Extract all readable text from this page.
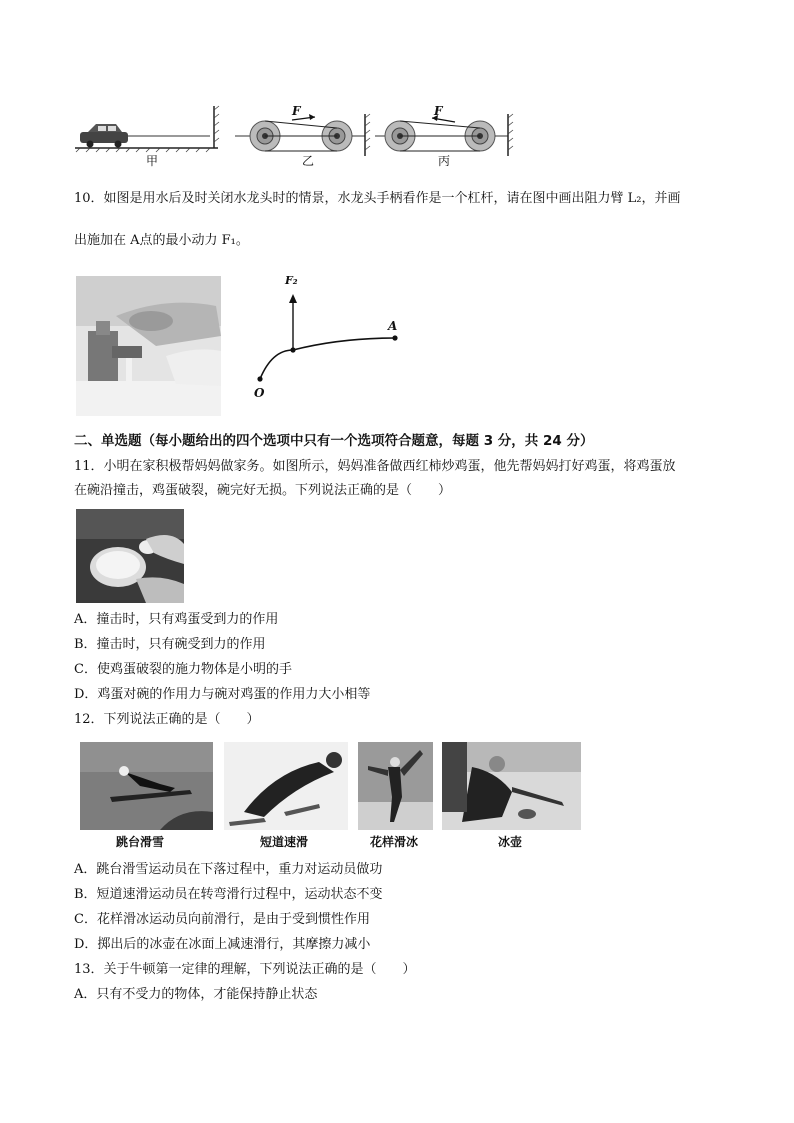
F	F
甲	乙	丙
10．如图是用水后及时关闭水龙头时的情景，水龙头手柄看作是一个杠杆，请在图中画出阻力臂 L₂，并画
出施加在 A点的最小动力 F₁。
F₂
A
O
二、单选题（每小题给出的四个选项中只有一个选项符合题意，每题 3 分，共 24 分）
11．小明在家积极帮妈妈做家务。如图所示，妈妈准备做西红柿炒鸡蛋，他先帮妈妈打好鸡蛋，将鸡蛋放
在碗沿撞击，鸡蛋破裂，碗完好无损。下列说法正确的是（　　）
A．撞击时，只有鸡蛋受到力的作用
B．撞击时，只有碗受到力的作用
C．使鸡蛋破裂的施力物体是小明的手
D．鸡蛋对碗的作用力与碗对鸡蛋的作用力大小相等
12．下列说法正确的是（　　）
跳台滑雪	短道速滑	花样滑冰	冰壶
A．跳台滑雪运动员在下落过程中，重力对运动员做功
B．短道速滑运动员在转弯滑行过程中，运动状态不变
C．花样滑冰运动员向前滑行，是由于受到惯性作用
D．掷出后的冰壶在冰面上减速滑行，其摩擦力减小
13．关于牛顿第一定律的理解，下列说法正确的是（　　）
A．只有不受力的物体，才能保持静止状态
